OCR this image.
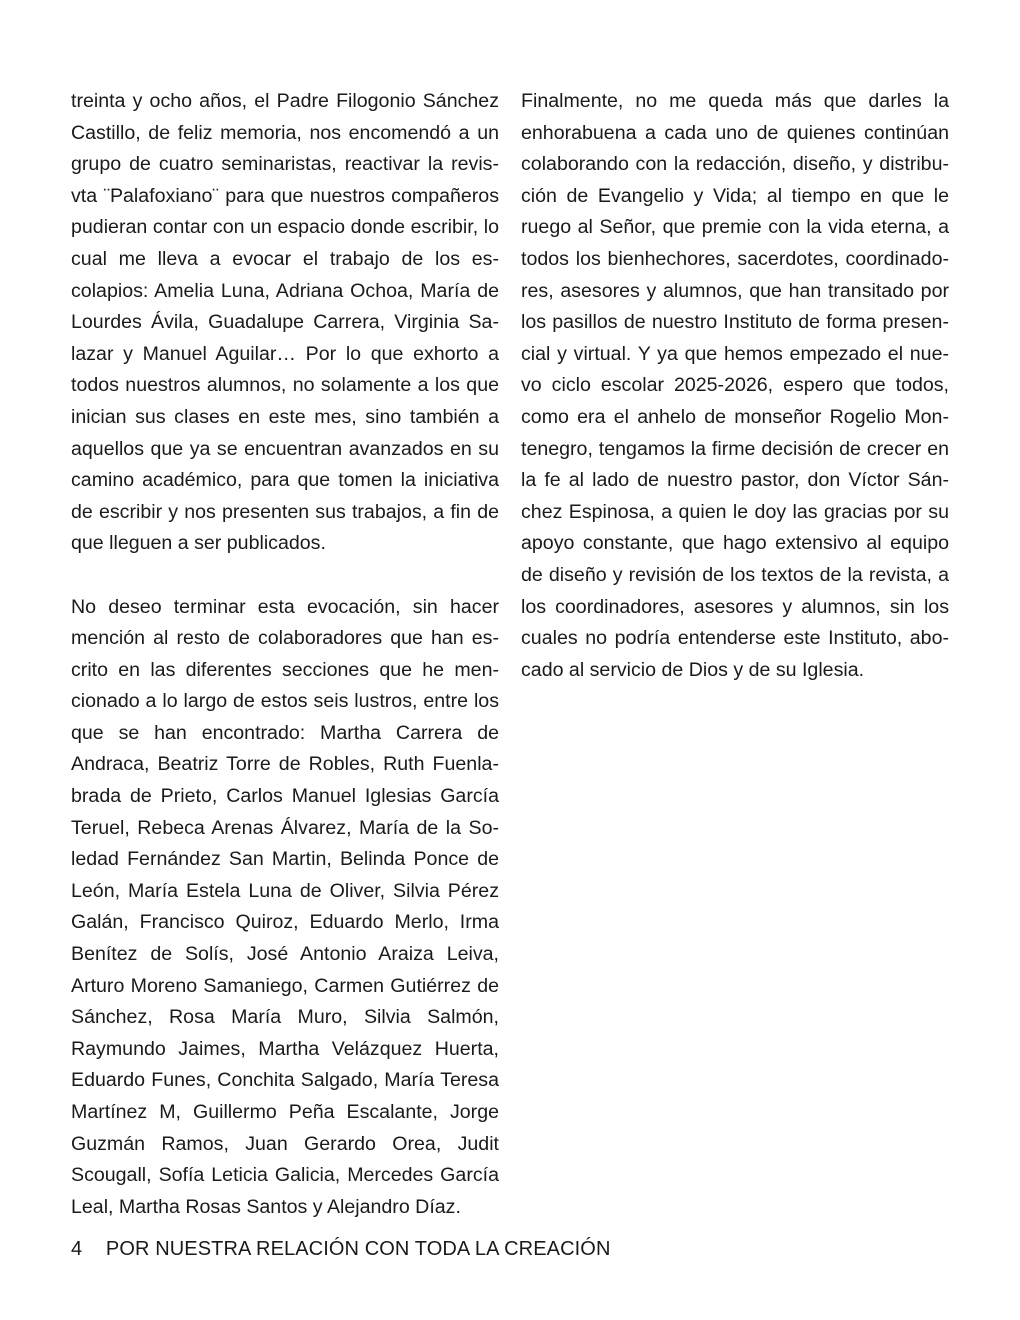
treinta y ocho años, el Padre Filogonio Sánchez Castillo, de feliz memoria, nos encomendó a un grupo de cuatro seminaristas, reactivar la revisvta ¨Palafoxiano¨ para que nuestros compañeros pudieran contar con un espacio donde escribir, lo cual me lleva a evocar el trabajo de los escolapios: Amelia Luna, Adriana Ochoa, María de Lourdes Ávila, Guadalupe Carrera, Virginia Salazar y Manuel Aguilar… Por lo que exhorto a todos nuestros alumnos, no solamente a los que inician sus clases en este mes, sino también a aquellos que ya se encuentran avanzados en su camino académico, para que tomen la iniciativa de escribir y nos presenten sus trabajos, a fin de que lleguen a ser publicados.

No deseo terminar esta evocación, sin hacer mención al resto de colaboradores que han escrito en las diferentes secciones que he mencionado a lo largo de estos seis lustros, entre los que se han encontrado: Martha Carrera de Andraca, Beatriz Torre de Robles, Ruth Fuenlabrada de Prieto, Carlos Manuel Iglesias García Teruel, Rebeca Arenas Álvarez, María de la Soledad Fernández San Martin, Belinda Ponce de León, María Estela Luna de Oliver, Silvia Pérez Galán, Francisco Quiroz, Eduardo Merlo, Irma Benítez de Solís, José Antonio Araiza Leiva, Arturo Moreno Samaniego, Carmen Gutiérrez de Sánchez, Rosa María Muro, Silvia Salmón, Raymundo Jaimes, Martha Velázquez Huerta, Eduardo Funes, Conchita Salgado, María Teresa Martínez M, Guillermo Peña Escalante, Jorge Guzmán Ramos, Juan Gerardo Orea, Judit Scougall, Sofía Leticia Galicia, Mercedes García Leal, Martha Rosas Santos y Alejandro Díaz.

Finalmente, no me queda más que darles la enhorabuena a cada uno de quienes continúan colaborando con la redacción, diseño, y distribución de Evangelio y Vida; al tiempo en que le ruego al Señor, que premie con la vida eterna, a todos los bienhechores, sacerdotes, coordinadores, asesores y alumnos, que han transitado por los pasillos de nuestro Instituto de forma presencial y virtual. Y ya que hemos empezado el nuevo ciclo escolar 2025-2026, espero que todos, como era el anhelo de monseñor Rogelio Montenegro, tengamos la firme decisión de crecer en la fe al lado de nuestro pastor, don Víctor Sánchez Espinosa, a quien le doy las gracias por su apoyo constante, que hago extensivo al equipo de diseño y revisión de los textos de la revista, a los coordinadores, asesores y alumnos, sin los cuales no podría entenderse este Instituto, abocado al servicio de Dios y de su Iglesia.

4 POR NUESTRA RELACIÓN CON TODA LA CREACIÓN
